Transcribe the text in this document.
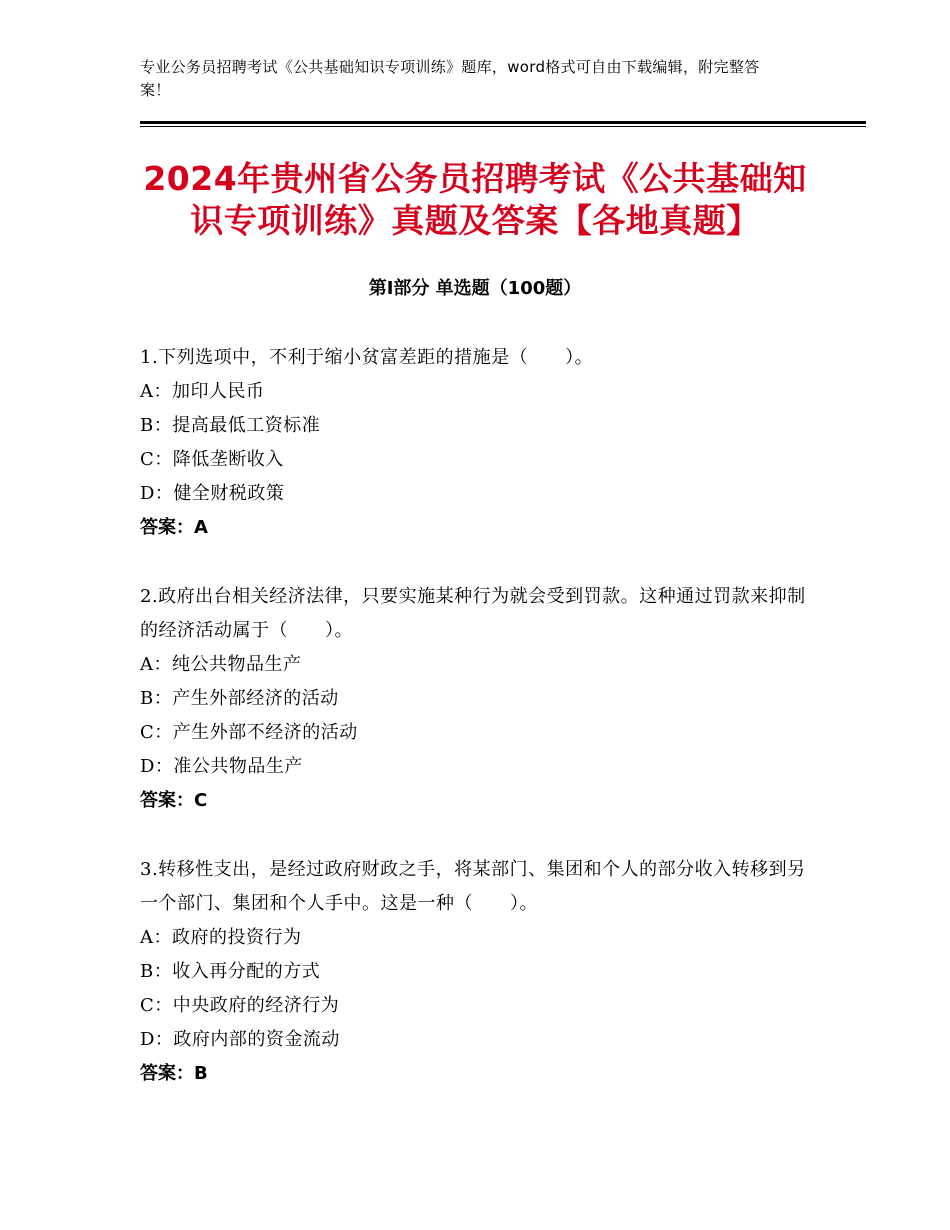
专业公务员招聘考试《公共基础知识专项训练》题库，word格式可自由下载编辑，附完整答案！
2024年贵州省公务员招聘考试《公共基础知识专项训练》真题及答案【各地真题】
第Ⅰ部分 单选题（100题）
1.下列选项中，不利于缩小贫富差距的措施是（　　）。
A：加印人民币
B：提高最低工资标准
C：降低垄断收入
D：健全财税政策
答案：A
2.政府出台相关经济法律，只要实施某种行为就会受到罚款。这种通过罚款来抑制的经济活动属于（　　）。
A：纯公共物品生产
B：产生外部经济的活动
C：产生外部不经济的活动
D：准公共物品生产
答案：C
3.转移性支出，是经过政府财政之手，将某部门、集团和个人的部分收入转移到另一个部门、集团和个人手中。这是一种（　　）。
A：政府的投资行为
B：收入再分配的方式
C：中央政府的经济行为
D：政府内部的资金流动
答案：B
